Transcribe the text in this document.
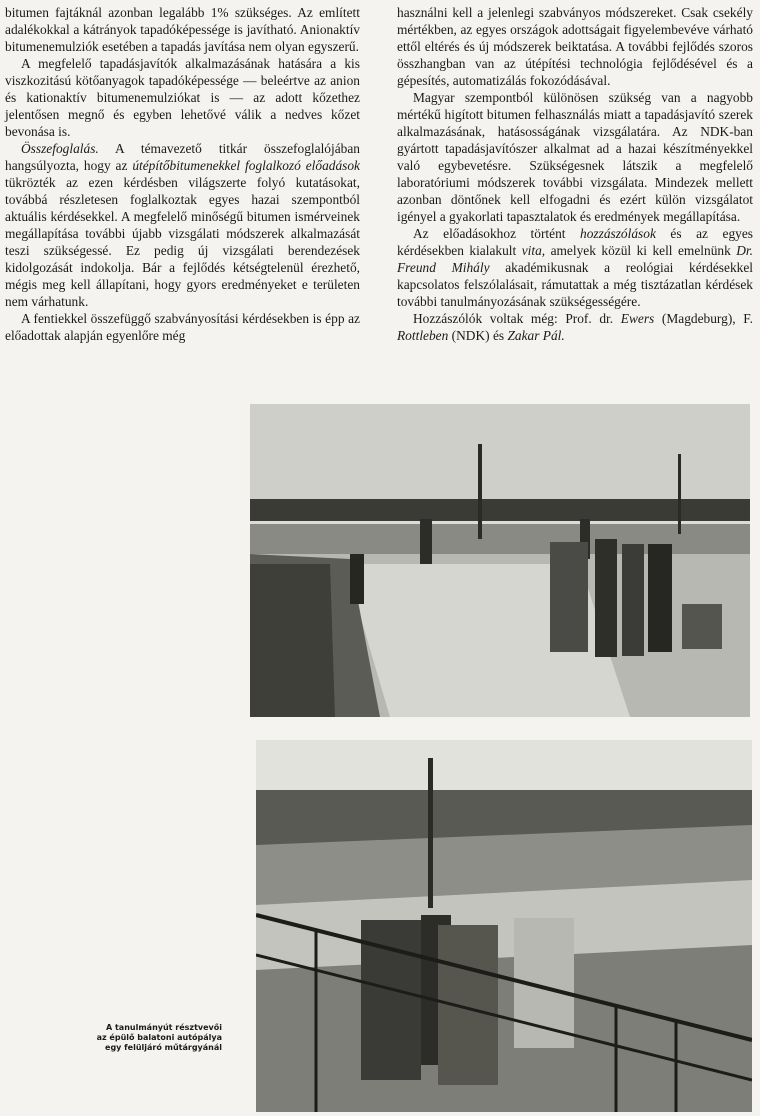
bitumen fajtáknál azonban legalább 1% szükséges. Az említett adalékokkal a kátrányok tapadóképessége is javítható. Anionaktív bitumenemulziók esetében a tapadás javítása nem olyan egyszerű.

A megfelelő tapadásjavítók alkalmazásának hatására a kis viszkozitású kötőanyagok tapadóképessége — beleértve az anion és kationaktív bitumenemulziókat is — az adott kőzethez jelentősen megnő és egyben lehetővé válik a nedves kőzet bevonása is.

Összefoglalás. A témavezető titkár összefoglalójában hangsúlyozta, hogy az útépítőbitumenekkel foglalkozó előadások tükrözték az ezen kérdésben világszerte folyó kutatásokat, továbbá részletesen foglalkoztak egyes hazai szempontból aktuális kérdésekkel. A megfelelő minőségű bitumen ismérveinek megállapítása további újabb vizsgálati módszerek alkalmazását teszi szükségessé. Ez pedig új vizsgálati berendezések kidolgozását indokolja. Bár a fejlődés kétségtelenül érezhető, mégis meg kell állapítani, hogy gyors eredményeket e területen nem várhatunk.

A fentiekkel összefüggő szabványosítási kérdésekben is épp az előadottak alapján egyenlőre még

használni kell a jelenlegi szabványos módszereket. Csak csekély mértékben, az egyes országok adottságait figyelembevéve várható ettől eltérés és új módszerek beiktatása. A további fejlődés szoros összhangban van az útépítési technológia fejlődésével és a gépesítés, automatizálás fokozódásával.

Magyar szempontból különösen szükség van a nagyobb mértékű higított bitumen felhasználás miatt a tapadásjavító szerek alkalmazásának, hatásosságának vizsgálatára. Az NDK-ban gyártott tapadásjavítószer alkalmat ad a hazai készítményekkel való egybevetésre. Szükségesnek látszik a megfelelő laboratóriumi módszerek további vizsgálata. Mindezek mellett azonban döntőnek kell elfogadni és ezért külön vizsgálatot igényel a gyakorlati tapasztalatok és eredmények megállapítása.

Az előadásokhoz történt hozzászólások és az egyes kérdésekben kialakult vita, amelyek közül ki kell emelnünk Dr. Freund Mihály akadémikusnak a reológiai kérdésekkel kapcsolatos felszólalásait, rámutattak a még tisztázatlan kérdések további tanulmányozásának szükségességére.

Hozzászólók voltak még: Prof. dr. Ewers (Magdeburg), F. Rottleben (NDK) és Zakar Pál.

A tanulmányút résztvevői
az épülő balatoni autópálya
egy felüljáró műtárgyánál
